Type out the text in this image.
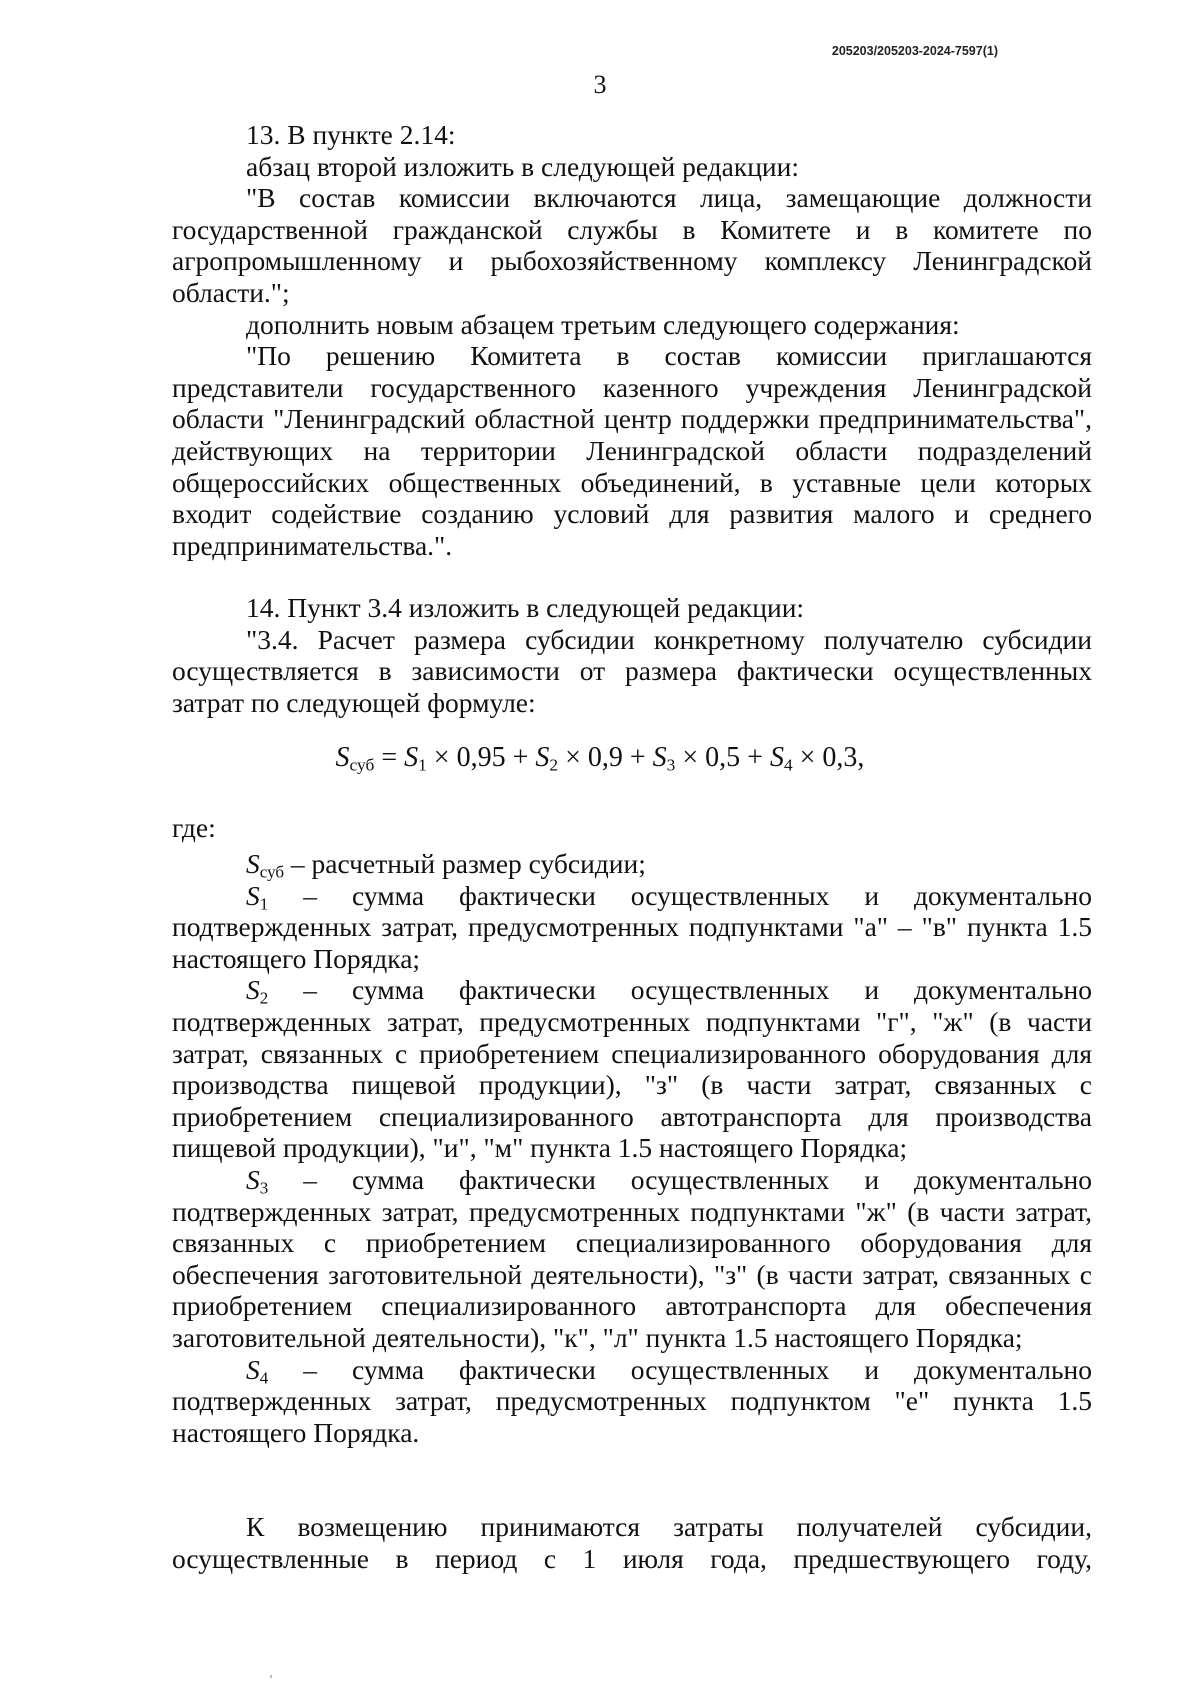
205203/205203-2024-7597(1)
3

13. В пункте 2.14:

абзац второй изложить в следующей редакции:

"В состав комиссии включаются лица, замещающие должности государственной гражданской службы в Комитете и в комитете по агропромышленному и рыбохозяйственному комплексу Ленинградской области.";

дополнить новым абзацем третьим следующего содержания:

"По решению Комитета в состав комиссии приглашаются представители государственного казенного учреждения Ленинградской области "Ленинградский областной центр поддержки предпринимательства", действующих на территории Ленинградской области подразделений общероссийских общественных объединений, в уставные цели которых входит содействие созданию условий для развития малого и среднего предпринимательства.".

14. Пункт 3.4 изложить в следующей редакции:

"3.4. Расчет размера субсидии конкретному получателю субсидии осуществляется в зависимости от размера фактически осуществленных затрат по следующей формуле:

$S_{суб} = S_1 \times 0,95 + S_2 \times 0,9 + S_3 \times 0,5 + S_4 \times 0,3$,
где:

$S_{суб}$ – расчетный размер субсидии;

$S_1$ – сумма фактически осуществленных и документально подтвержденных затрат, предусмотренных подпунктами "а" – "в" пункта 1.5 настоящего Порядка;

$S_2$ – сумма фактически осуществленных и документально подтвержденных затрат, предусмотренных подпунктами "г", "ж" (в части затрат, связанных с приобретением специализированного оборудования для производства пищевой продукции), "з" (в части затрат, связанных с приобретением специализированного автотранспорта для производства пищевой продукции), "и", "м" пункта 1.5 настоящего Порядка;

$S_3$ – сумма фактически осуществленных и документально подтвержденных затрат, предусмотренных подпунктами "ж" (в части затрат, связанных с приобретением специализированного оборудования для обеспечения заготовительной деятельности), "з" (в части затрат, связанных с приобретением специализированного автотранспорта для обеспечения заготовительной деятельности), "к", "л" пункта 1.5 настоящего Порядка;

$S_4$ – сумма фактически осуществленных и документально подтвержденных затрат, предусмотренных подпунктом "е" пункта 1.5 настоящего Порядка.

К возмещению принимаются затраты получателей субсидии, осуществленные в период с 1 июля года, предшествующего году,
